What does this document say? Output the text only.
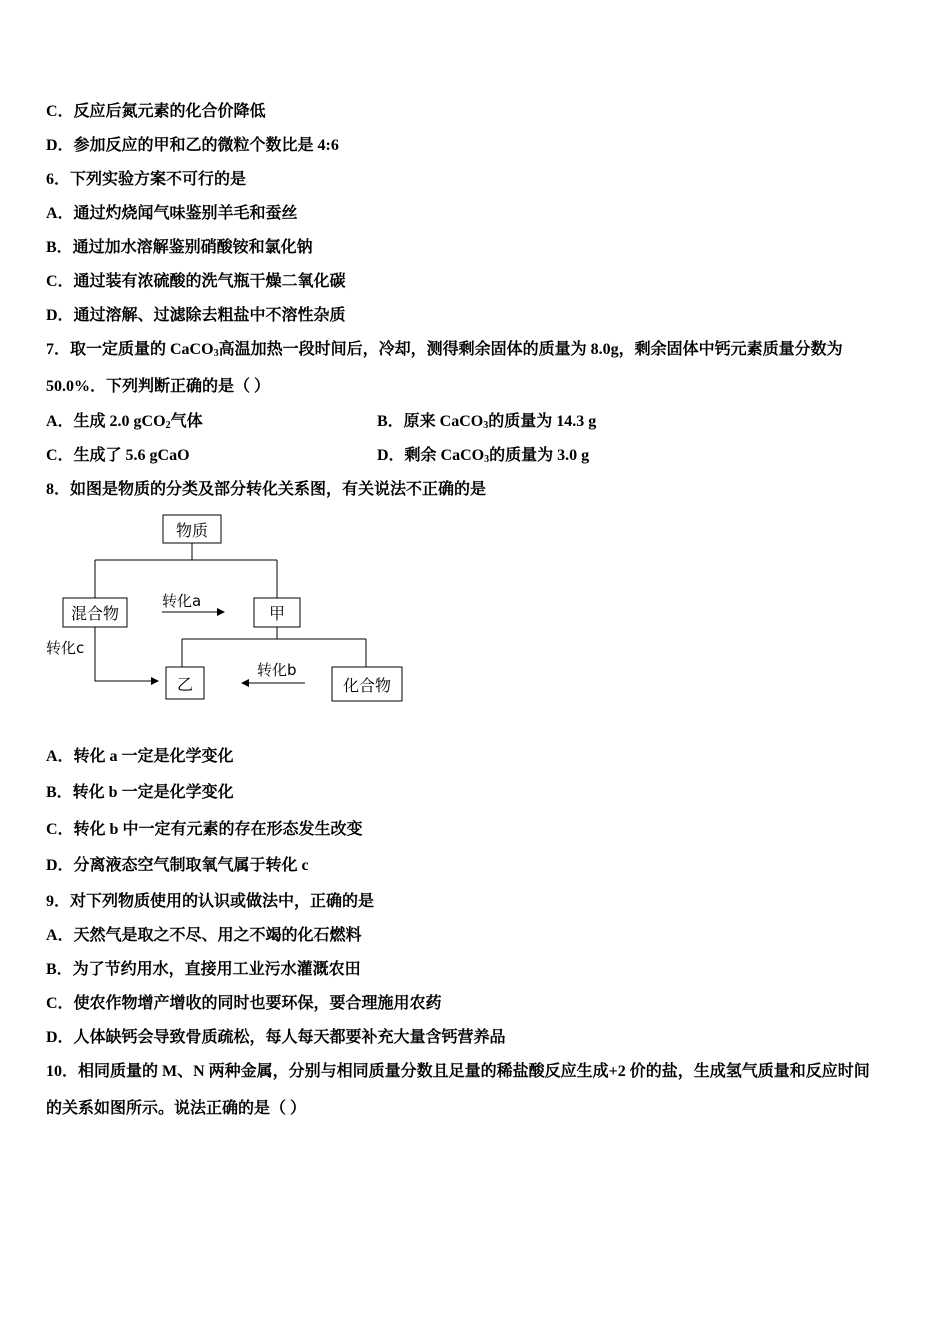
C．反应后氮元素的化合价降低
D．参加反应的甲和乙的微粒个数比是 4:6
6．下列实验方案不可行的是
A．通过灼烧闻气味鉴别羊毛和蚕丝
B．通过加水溶解鉴别硝酸铵和氯化钠
C．通过装有浓硫酸的洗气瓶干燥二氧化碳
D．通过溶解、过滤除去粗盐中不溶性杂质
7．取一定质量的 CaCO$_3$高温加热一段时间后，冷却，测得剩余固体的质量为 8.0g，剩余固体中钙元素质量分数为
50.0%．下列判断正确的是（ ）
A．生成 2.0 gCO$_2$气体	B．原来 CaCO$_3$的质量为 14.3 g
C．生成了 5.6 gCaO	D．剩余 CaCO$_3$的质量为 3.0 g
8．如图是物质的分类及部分转化关系图，有关说法不正确的是
物质
混合物	甲
乙	化合物
转化a
转化b
转化c
A．转化 a 一定是化学变化
B．转化 b 一定是化学变化
C．转化 b 中一定有元素的存在形态发生改变
D．分离液态空气制取氧气属于转化 c
9．对下列物质使用的认识或做法中，正确的是
A．天然气是取之不尽、用之不竭的化石燃料
B．为了节约用水，直接用工业污水灌溉农田
C．使农作物增产增收的同时也要环保，要合理施用农药
D．人体缺钙会导致骨质疏松，每人每天都要补充大量含钙营养品
10．相同质量的 M、N 两种金属，分别与相同质量分数且足量的稀盐酸反应生成+2 价的盐，生成氢气质量和反应时间
的关系如图所示。说法正确的是（ ）
